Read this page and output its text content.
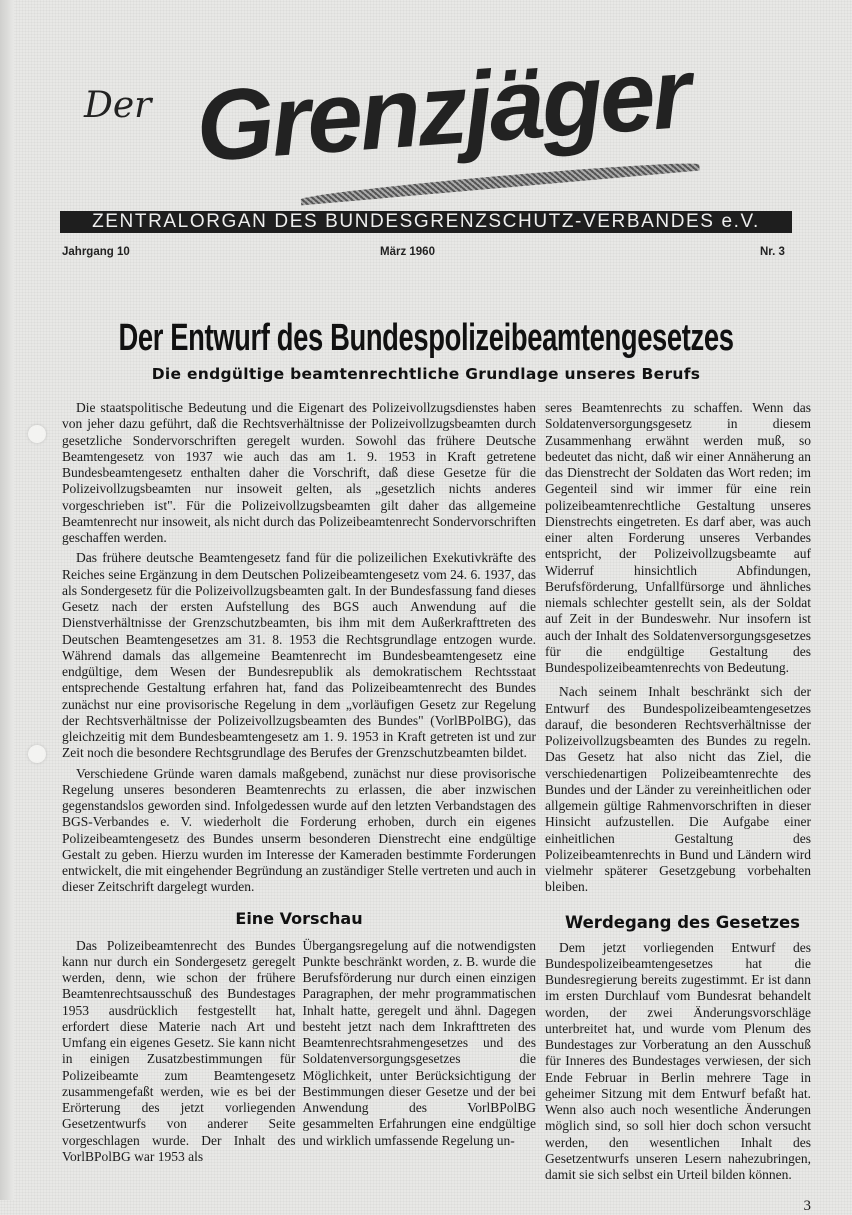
Der Grenzjäger
ZENTRALORGAN DES BUNDESGRENZSCHUTZ-VERBANDES e.V.
Jahrgang 10	März 1960	Nr. 3
Der Entwurf des Bundespolizeibeamtengesetzes
Die endgültige beamtenrechtliche Grundlage unseres Berufs

Die staatspolitische Bedeutung und die Eigenart des Polizeivollzugsdienstes haben von jeher dazu geführt, daß die Rechtsverhältnisse der Polizeivollzugsbeamten durch gesetzliche Sondervorschriften geregelt wurden. Sowohl das frühere Deutsche Beamtengesetz von 1937 wie auch das am 1. 9. 1953 in Kraft getretene Bundesbeamtengesetz enthalten daher die Vorschrift, daß diese Gesetze für die Polizeivollzugsbeamten nur insoweit gelten, als „gesetzlich nichts anderes vorgeschrieben ist". Für die Polizeivollzugsbeamten gilt daher das allgemeine Beamtenrecht nur insoweit, als nicht durch das Polizeibeamtenrecht Sondervorschriften geschaffen werden.

Das frühere deutsche Beamtengesetz fand für die polizeilichen Exekutivkräfte des Reiches seine Ergänzung in dem Deutschen Polizeibeamtengesetz vom 24. 6. 1937, das als Sondergesetz für die Polizeivollzugsbeamten galt. In der Bundesfassung fand dieses Gesetz nach der ersten Aufstellung des BGS auch Anwendung auf die Dienstverhältnisse der Grenzschutzbeamten, bis ihm mit dem Außerkrafttreten des Deutschen Beamtengesetzes am 31. 8. 1953 die Rechtsgrundlage entzogen wurde. Während damals das allgemeine Beamtenrecht im Bundesbeamtengesetz eine endgültige, dem Wesen der Bundesrepublik als demokratischem Rechtsstaat entsprechende Gestaltung erfahren hat, fand das Polizeibeamtenrecht des Bundes zunächst nur eine provisorische Regelung in dem „vorläufigen Gesetz zur Regelung der Rechtsverhältnisse der Polizeivollzugsbeamten des Bundes" (VorlBPolBG), das gleichzeitig mit dem Bundesbeamtengesetz am 1. 9. 1953 in Kraft getreten ist und zur Zeit noch die besondere Rechtsgrundlage des Berufes der Grenzschutzbeamten bildet.

Verschiedene Gründe waren damals maßgebend, zunächst nur diese provisorische Regelung unseres besonderen Beamtenrechts zu erlassen, die aber inzwischen gegenstandslos geworden sind. Infolgedessen wurde auf den letzten Verbandstagen des BGS-Verbandes e. V. wiederholt die Forderung erhoben, durch ein eigenes Polizeibeamtengesetz des Bundes unserm besonderen Dienstrecht eine endgültige Gestalt zu geben. Hierzu wurden im Interesse der Kameraden bestimmte Forderungen entwickelt, die mit eingehender Begründung an zuständiger Stelle vertreten und auch in dieser Zeitschrift dargelegt wurden.

Eine Vorschau

Das Polizeibeamtenrecht des Bundes kann nur durch ein Sondergesetz geregelt werden, denn, wie schon der frühere Beamtenrechtsausschuß des Bundestages 1953 ausdrücklich festgestellt hat, erfordert diese Materie nach Art und Umfang ein eigenes Gesetz. Sie kann nicht in einigen Zusatzbestimmungen für Polizeibeamte zum Beamtengesetz zusammengefaßt werden, wie es bei der Erörterung des jetzt vorliegenden Gesetzentwurfs von anderer Seite vorgeschlagen wurde. Der Inhalt des VorlBPolBG war 1953 als

Übergangsregelung auf die notwendigsten Punkte beschränkt worden, z. B. wurde die Berufsförderung nur durch einen einzigen Paragraphen, der mehr programmatischen Inhalt hatte, geregelt und ähnl. Dagegen besteht jetzt nach dem Inkrafttreten des Beamtenrechtsrahmengesetzes und des Soldatenversorgungsgesetzes die Möglichkeit, unter Berücksichtigung der Bestimmungen dieser Gesetze und der bei Anwendung des VorlBPolBG gesammelten Erfahrungen eine endgültige und wirklich umfassende Regelung un-

seres Beamtenrechts zu schaffen. Wenn das Soldatenversorgungsgesetz in diesem Zusammenhang erwähnt werden muß, so bedeutet das nicht, daß wir einer Annäherung an das Dienstrecht der Soldaten das Wort reden; im Gegenteil sind wir immer für eine rein polizeibeamtenrechtliche Gestaltung unseres Dienstrechts eingetreten. Es darf aber, was auch einer alten Forderung unseres Verbandes entspricht, der Polizeivollzugsbeamte auf Widerruf hinsichtlich Abfindungen, Berufsförderung, Unfallfürsorge und ähnliches niemals schlechter gestellt sein, als der Soldat auf Zeit in der Bundeswehr. Nur insofern ist auch der Inhalt des Soldatenversorgungsgesetzes für die endgültige Gestaltung des Bundespolizeibeamtenrechts von Bedeutung.

Nach seinem Inhalt beschränkt sich der Entwurf des Bundespolizeibeamtengesetzes darauf, die besonderen Rechtsverhältnisse der Polizeivollzugsbeamten des Bundes zu regeln. Das Gesetz hat also nicht das Ziel, die verschiedenartigen Polizeibeamtenrechte des Bundes und der Länder zu vereinheitlichen oder allgemein gültige Rahmenvorschriften in dieser Hinsicht aufzustellen. Die Aufgabe einer einheitlichen Gestaltung des Polizeibeamtenrechts in Bund und Ländern wird vielmehr späterer Gesetzgebung vorbehalten bleiben.

Werdegang des Gesetzes

Dem jetzt vorliegenden Entwurf des Bundespolizeibeamtengesetzes hat die Bundesregierung bereits zugestimmt. Er ist dann im ersten Durchlauf vom Bundesrat behandelt worden, der zwei Änderungsvorschläge unterbreitet hat, und wurde vom Plenum des Bundestages zur Vorberatung an den Ausschuß für Inneres des Bundestages verwiesen, der sich Ende Februar in Berlin mehrere Tage in geheimer Sitzung mit dem Entwurf befaßt hat. Wenn also auch noch wesentliche Änderungen möglich sind, so soll hier doch schon versucht werden, den wesentlichen Inhalt des Gesetzentwurfs unseren Lesern nahezubringen, damit sie sich selbst ein Urteil bilden können.

3
